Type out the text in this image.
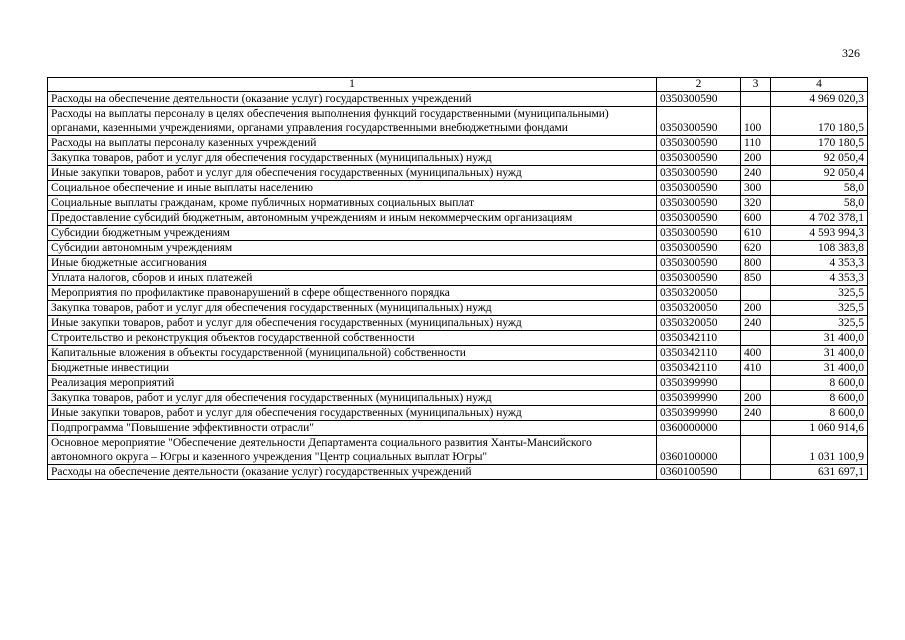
326
1	2	3	4
Расходы на обеспечение деятельности (оказание услуг) государственных учреждений	0350300590		4 969 020,3
Расходы на выплаты персоналу в целях обеспечения выполнения функций государственными (муниципальными) органами, казенными учреждениями, органами управления государственными внебюджетными фондами	0350300590	100	170 180,5
Расходы на выплаты персоналу казенных учреждений	0350300590	110	170 180,5
Закупка товаров, работ и услуг для обеспечения государственных (муниципальных) нужд	0350300590	200	92 050,4
Иные закупки товаров, работ и услуг для обеспечения государственных (муниципальных) нужд	0350300590	240	92 050,4
Социальное обеспечение и иные выплаты населению	0350300590	300	58,0
Социальные выплаты гражданам, кроме публичных нормативных социальных выплат	0350300590	320	58,0
Предоставление субсидий бюджетным, автономным учреждениям и иным некоммерческим организациям	0350300590	600	4 702 378,1
Субсидии бюджетным учреждениям	0350300590	610	4 593 994,3
Субсидии автономным учреждениям	0350300590	620	108 383,8
Иные бюджетные ассигнования	0350300590	800	4 353,3
Уплата налогов, сборов и иных платежей	0350300590	850	4 353,3
Мероприятия по профилактике правонарушений в сфере общественного порядка	0350320050		325,5
Закупка товаров, работ и услуг для обеспечения государственных (муниципальных) нужд	0350320050	200	325,5
Иные закупки товаров, работ и услуг для обеспечения государственных (муниципальных) нужд	0350320050	240	325,5
Строительство и реконструкция объектов государственной собственности	0350342110		31 400,0
Капитальные вложения в объекты государственной (муниципальной) собственности	0350342110	400	31 400,0
Бюджетные инвестиции	0350342110	410	31 400,0
Реализация мероприятий	0350399990		8 600,0
Закупка товаров, работ и услуг для обеспечения государственных (муниципальных) нужд	0350399990	200	8 600,0
Иные закупки товаров, работ и услуг для обеспечения государственных (муниципальных) нужд	0350399990	240	8 600,0
Подпрограмма "Повышение эффективности отрасли"	0360000000		1 060 914,6
Основное мероприятие "Обеспечение деятельности Департамента социального развития Ханты-Мансийского автономного округа – Югры и казенного учреждения "Центр социальных выплат Югры"	0360100000		1 031 100,9
Расходы на обеспечение деятельности (оказание услуг) государственных учреждений	0360100590		631 697,1
